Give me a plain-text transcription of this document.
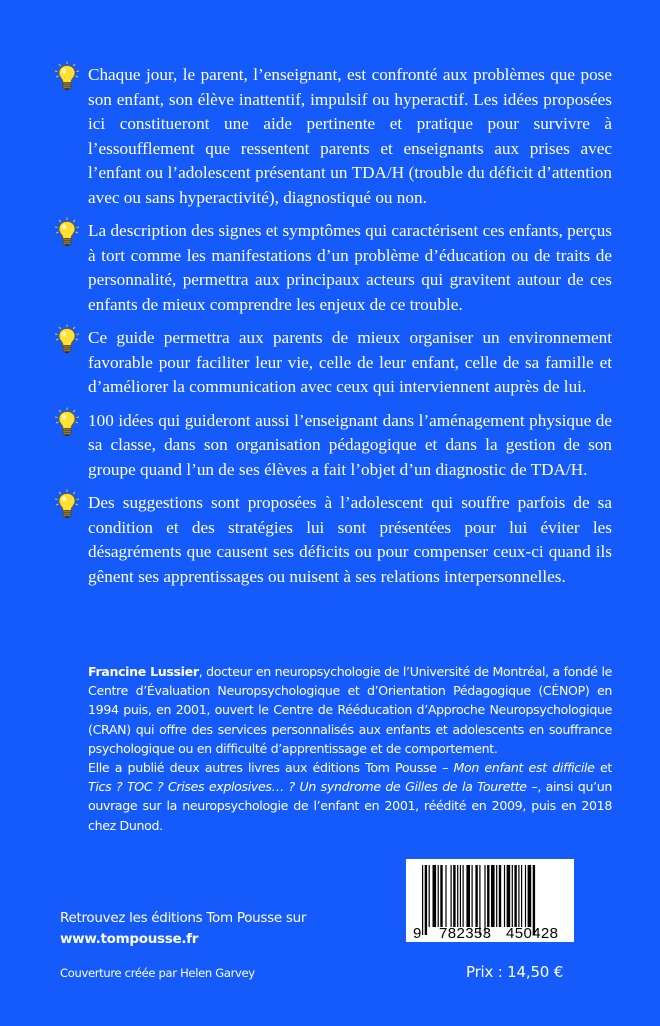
Chaque jour, le parent, l’enseignant, est confronté aux problèmes que pose son enfant, son élève inattentif, impulsif ou hyperactif. Les idées proposées ici constitueront une aide pertinente et pratique pour survivre à l’essoufflement que ressentent parents et enseignants aux prises avec l’enfant ou l’adolescent présentant un TDA/H (trouble du déficit d’attention avec ou sans hyperactivité), diagnostiqué ou non.
La description des signes et symptômes qui caractérisent ces enfants, perçus à tort comme les manifestations d’un problème d’éducation ou de traits de personnalité, permettra aux principaux acteurs qui gravitent autour de ces enfants de mieux comprendre les enjeux de ce trouble.
Ce guide permettra aux parents de mieux organiser un environnement favorable pour faciliter leur vie, celle de leur enfant, celle de sa famille et d’améliorer la communication avec ceux qui interviennent auprès de lui.
100 idées qui guideront aussi l’enseignant dans l’aménagement physique de sa classe, dans son organisation pédagogique et dans la gestion de son groupe quand l’un de ses élèves a fait l’objet d’un diagnostic de TDA/H.
Des suggestions sont proposées à l’adolescent qui souffre parfois de sa condition et des stratégies lui sont présentées pour lui éviter les désagréments que causent ses déficits ou pour compenser ceux-ci quand ils gênent ses apprentissages ou nuisent à ses relations interpersonnelles.

Francine Lussier, docteur en neuropsychologie de l’Université de Montréal, a fondé le Centre d’Évaluation Neuropsychologique et d’Orientation Pédagogique (CÉNOP) en 1994 puis, en 2001, ouvert le Centre de Rééducation d’Approche Neuropsychologique (CRAN) qui offre des services personnalisés aux enfants et adolescents en souffrance psychologique ou en difficulté d’apprentissage et de comportement.

Elle a publié deux autres livres aux éditions Tom Pousse – Mon enfant est difficile et Tics ? TOC ? Crises explosives… ? Un syndrome de Gilles de la Tourette –, ainsi qu’un ouvrage sur la neuropsychologie de l’enfant en 2001, réédité en 2009, puis en 2018 chez Dunod.

9 782353 450428
Retrouvez les éditions Tom Pousse sur
www.tompousse.fr
Couverture créée par Helen Garvey	Prix : 14,50 €
